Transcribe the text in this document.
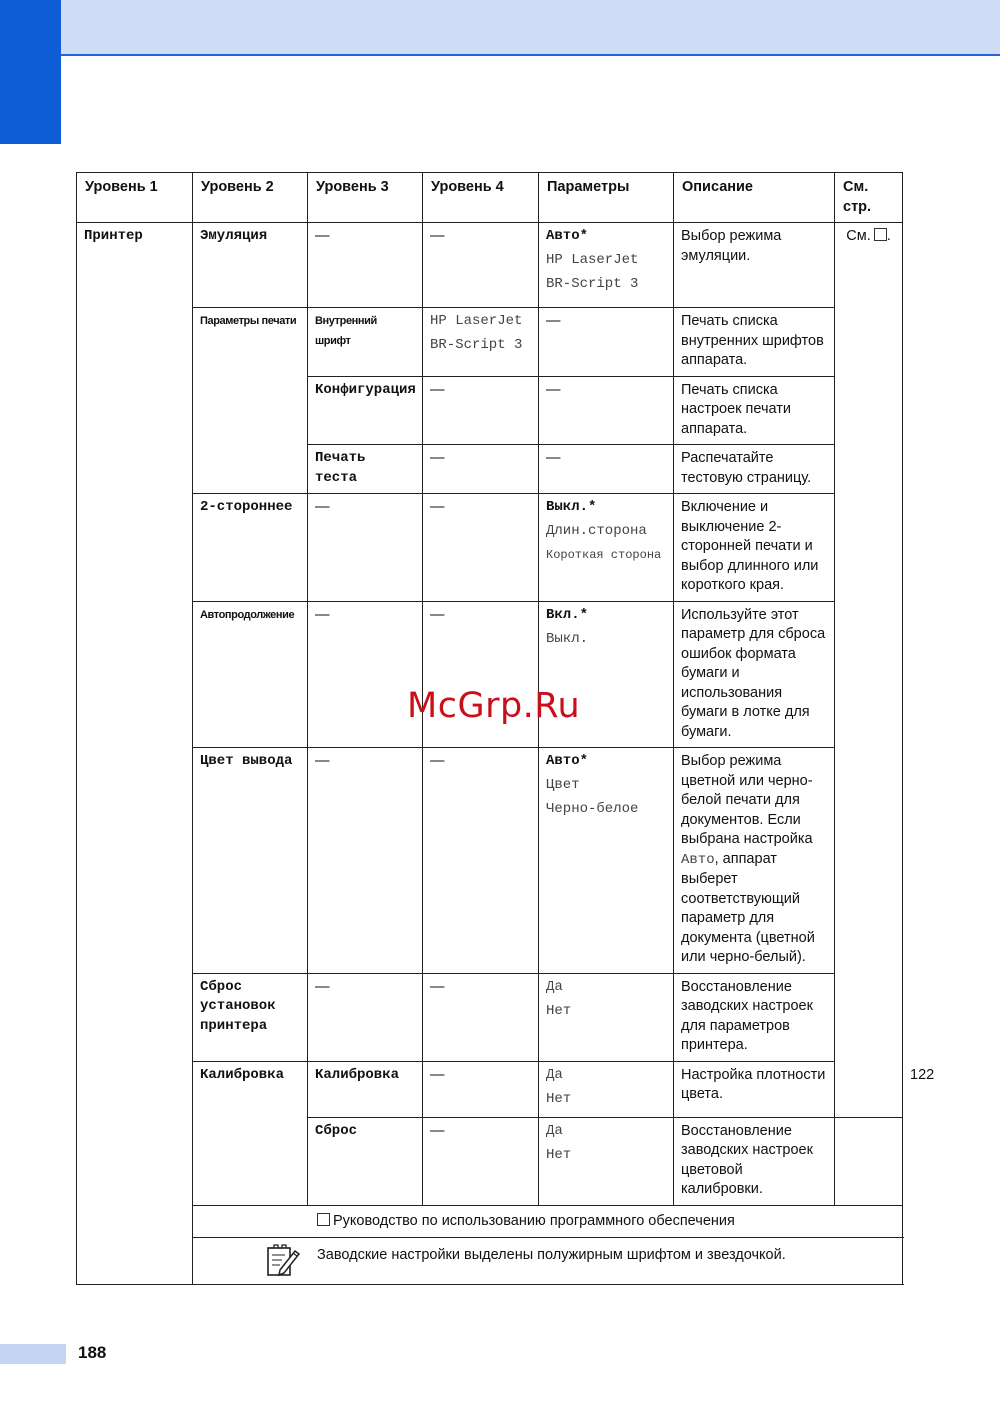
Уровень 1	Уровень 2	Уровень 3	Уровень 4	Параметры	Описание	См. стр.	
Принтер	Эмуляция	—	—	Авто*
HP LaserJet
BR-Script 3	Выбор режима эмуляции.	См. .	
	Параметры печати	Внутренний шрифт	HP LaserJet
BR-Script 3	—	Печать списка внутренних шрифтов аппарата.		
		Конфигурация	—	—	Печать списка настроек печати аппарата.		
		Печать теста	—	—	Распечатайте тестовую страницу.		
	2-стороннее	—	—	Выкл.*
Длин.сторона
Короткая сторона	Включение и выключение 2-сторонней печати и выбор длинного или короткого края.		
	Автопродолжение	—	—	Вкл.*
Выкл.	Используйте этот параметр для сброса ошибок формата бумаги и использования бумаги в лотке для бумаги.		
	Цвет вывода	—	—	Авто*
Цвет
Черно-белое	Выбор режима цветной или черно-белой печати для документов. Если выбрана настройка Авто, аппарат выберет соответствующий параметр для документа (цветной или черно-белый).		
	Сброс установок принтера	—	—	Да
Нет	Восстановление заводских настроек для параметров принтера.		
	Калибровка	Калибровка	—	Да
Нет	Настройка плотности цвета.		122
		Сброс	—	Да
Нет	Восстановление заводских настроек цветовой калибровки.		
	Руководство по использованию программного обеспечения						

Заводские настройки выделены полужирным шрифтом и звездочкой.						
McGrp.Ru
188
